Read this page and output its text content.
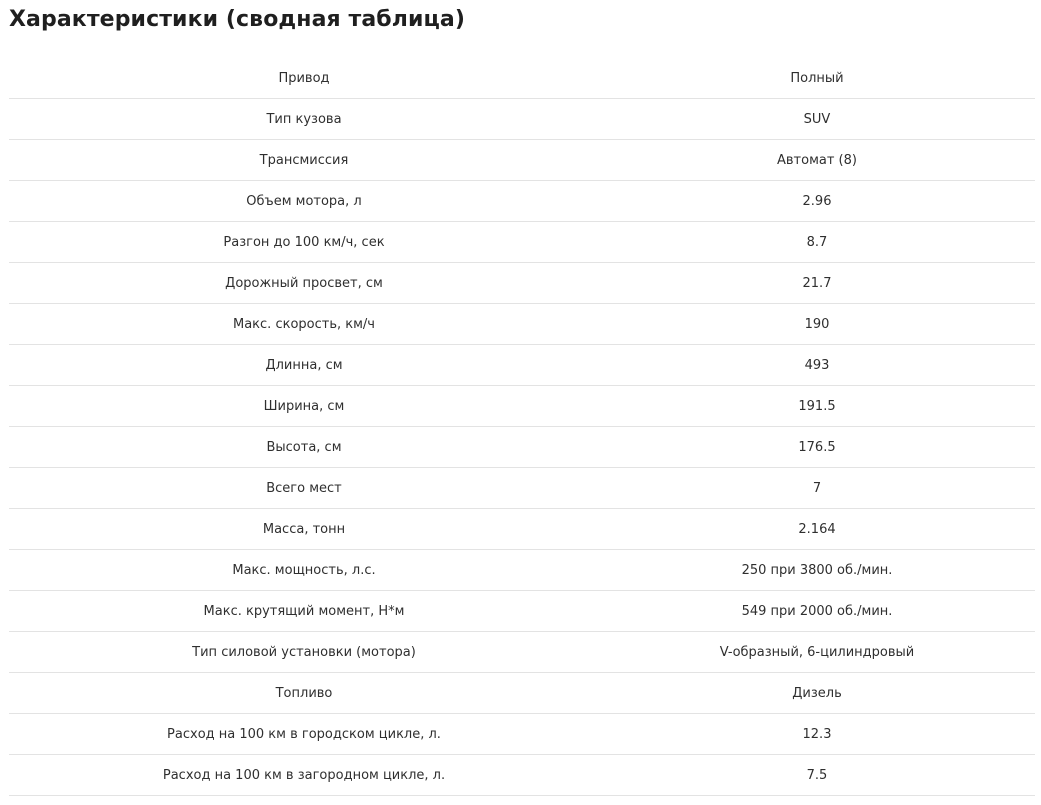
Характеристики (сводная таблица)
Привод	Полный
Тип кузова	SUV
Трансмиссия	Автомат (8)
Объем мотора, л	2.96
Разгон до 100 км/ч, сек	8.7
Дорожный просвет, см	21.7
Макс. скорость, км/ч	190
Длинна, см	493
Ширина, см	191.5
Высота, см	176.5
Всего мест	7
Масса, тонн	2.164
Макс. мощность, л.с.	250 при 3800 об./мин.
Макс. крутящий момент, Н*м	549 при 2000 об./мин.
Тип силовой установки (мотора)	V-образный, 6-цилиндровый
Топливо	Дизель
Расход на 100 км в городском цикле, л.	12.3
Расход на 100 км в загородном цикле, л.	7.5
